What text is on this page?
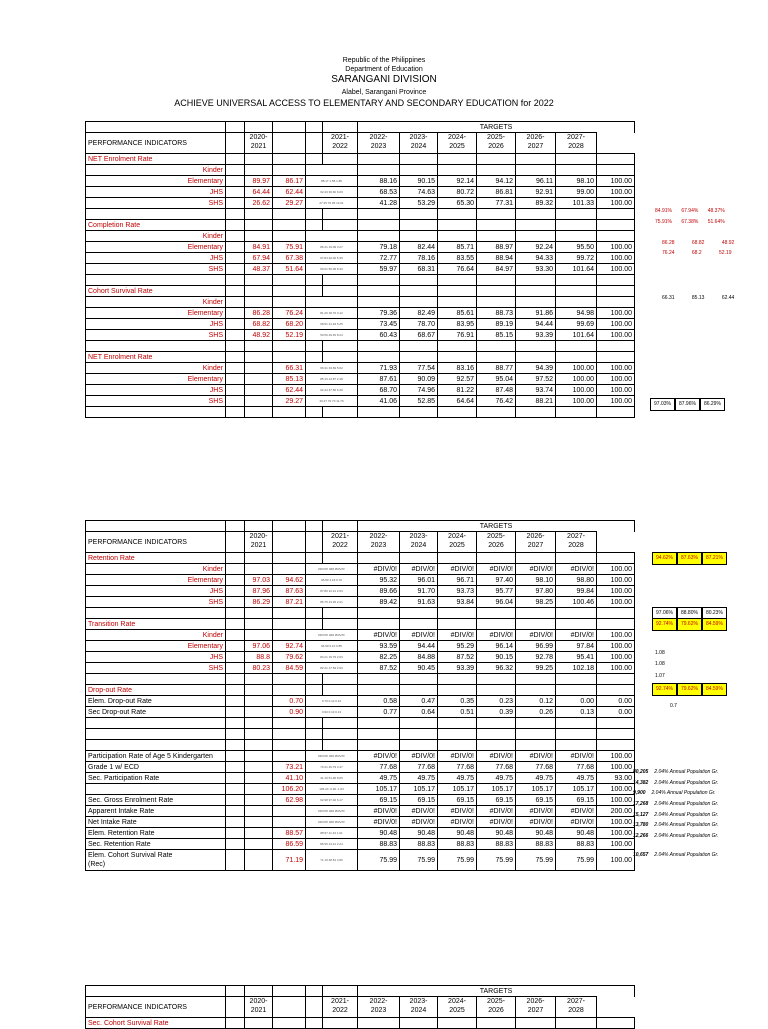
Republic of the Philippines
Department of Education
SARANGANI DIVISION
Alabel, Sarangani Province
ACHIEVE UNIVERSAL ACCESS TO ELEMENTARY AND SECONDARY EDUCATION for 2022
						TARGETS						
PERFORMANCE INDICATORS		2020-
2021			2021-
2022	2022-
2023	2023-
2024	2024-
2025	2025-
2026	2026-
2027	2027-
2028	
NET Enrolment Rate												
Kinder												
Elementary		89.97	86.17	88.17 1.58 1.86		88.16	90.15	92.14	94.12	96.11	98.10	100.00
JHS		64.44	62.44	62.43 36.60 6.09		68.53	74.63	80.72	86.81	92.91	99.00	100.00
SHS		26.62	29.27	27.35 70.06 12.01		41.28	53.29	65.30	77.31	89.32	101.33	100.00

Completion Rate												
Kinder												
Elementary		84.91	75.91	86.41 19.09 3.27		79.18	82.44	85.71	88.97	92.24	95.50	100.00
JHS		67.94	67.38	67.84 32.02 5.39		72.77	78.16	83.55	88.94	94.33	99.72	100.00
SHS		48.37	51.64	50.01 50.00 8.33		59.97	68.31	76.64	84.97	93.30	101.64	100.00

Cohort Survival Rate												
Kinder												
Elementary		86.28	76.24	81.26 18.70 3.12		79.36	82.49	85.61	88.73	91.86	94.98	100.00
JHS		68.82	68.20	68.51 31.49 5.25		73.45	78.70	83.95	89.19	94.44	99.69	100.00
SHS		48.92	52.19	50.56 49.45 8.24		60.43	68.67	76.91	85.15	93.39	101.64	100.00

NET Enrolment Rate												
Kinder			66.31	66.31 33.69 5.62		71.93	77.54	83.16	88.77	94.39	100.00	100.00
Elementary			85.13	85.13 14.87 2.48		87.61	90.09	92.57	95.04	97.52	100.00	100.00
JHS			62.44	62.44 37.56 6.26		68.70	74.96	81.22	87.48	93.74	100.00	100.00
SHS			29.27	29.27 70.73 11.79		41.06	52.85	64.64	76.42	88.21	100.00	100.00

						TARGETS						
PERFORMANCE INDICATORS		2020-
2021			2021-
2022	2022-
2023	2023-
2024	2024-
2025	2025-
2026	2026-
2027	2027-
2028	
Retention Rate												
Kinder				#DIV/0! ### #DIV/0!		#DIV/0!	#DIV/0!	#DIV/0!	#DIV/0!	#DIV/0!	#DIV/0!	100.00
Elementary		97.03	94.62	95.83 4.18 0.70		95.32	96.01	96.71	97.40	98.10	98.80	100.00
JHS		87.96	87.63	87.80 12.21 2.03		89.66	91.70	93.73	95.77	97.80	99.84	100.00
SHS		86.29	87.21	86.75 13.25 2.21		89.42	91.63	93.84	96.04	98.25	100.46	100.00

Transition Rate												
Kinder				#DIV/0! ### #DIV/0!		#DIV/0!	#DIV/0!	#DIV/0!	#DIV/0!	#DIV/0!	#DIV/0!	100.00
Elementary		97.06	92.74	94.90 5.10 0.85		93.59	94.44	95.29	96.14	96.99	97.84	100.00
JHS		88.8	79.62	84.21 15.79 2.63		82.25	84.88	87.52	90.15	92.78	95.41	100.00
SHS		80.23	84.59	82.41 17.59 2.93		87.52	90.45	93.39	96.32	99.25	102.18	100.00

Drop-out Rate												
Elem. Drop-out Rate			0.70	0.70 0.12 0.12		0.58	0.47	0.35	0.23	0.12	0.00	0.00
Sec Drop-out Rate			0.90	0.90 0.13 0.13		0.77	0.64	0.51	0.39	0.26	0.13	0.00

Participation Rate of Age 5 Kindergarten				#DIV/0! ### #DIV/0!		#DIV/0!	#DIV/0!	#DIV/0!	#DIV/0!	#DIV/0!	#DIV/0!	100.00
Grade 1 w/ ECD			73.21	73.21 26.79 4.47		77.68	77.68	77.68	77.68	77.68	77.68	100.00
Sec. Participation Rate			41.10	41.10 51.90 8.65		49.75	49.75	49.75	49.75	49.75	49.75	93.00
			106.20	106.20 -6.20 -1.03		105.17	105.17	105.17	105.17	105.17	105.17	100.00
Sec. Gross Enrolment Rate			62.98	62.98 37.02 6.17		69.15	69.15	69.15	69.15	69.15	69.15	100.00
Apparent Intake Rate				#DIV/0! ### #DIV/0!		#DIV/0!	#DIV/0!	#DIV/0!	#DIV/0!	#DIV/0!	#DIV/0!	200.00
Net Intake Rate				#DIV/0! ### #DIV/0!		#DIV/0!	#DIV/0!	#DIV/0!	#DIV/0!	#DIV/0!	#DIV/0!	100.00
Elem. Retention Rate			88.57	88.57 11.43 1.91		90.48	90.48	90.48	90.48	90.48	90.48	100.00
Sec. Retention Rate			86.59	86.59 13.41 2.24		88.83	88.83	88.83	88.83	88.83	88.83	100.00
Elem. Cohort Survival Rate
(Rec)			71.19	71.19 28.81 4.80		75.99	75.99	75.99	75.99	75.99	75.99	100.00
						TARGETS						
PERFORMANCE INDICATORS		2020-
2021			2021-
2022	2022-
2023	2023-
2024	2024-
2025	2025-
2026	2026-
2027	2027-
2028	
Sec. Cohort Survival Rate												
84.91% 67.94% 48.37%
75.91% 67.38% 51.64%
86.28	68.82	48.92
76.24	68.2	52.19
66.31	85.13	62.44
97.03%	87.96%	86.29%
94.62%	87.63%	87.21%
97.06%	88.80%	80.23%
92.74%	79.62%	84.59%
1.08
1.08
1.07
92.74%	79.62%	84.59%
0.7
80,205 2.04% Annual Population Gr.
14,382 2.04% Annual Population Gr.
9,900 2.04% Annual Population Gr.
17,268 2.04% Annual Population Gr.
15,127 2.04% Annual Population Gr.
13,780 2.04% Annual Population Gr.
12,266 2.04% Annual Population Gr.
10,657 2.04% Annual Population Gr.
